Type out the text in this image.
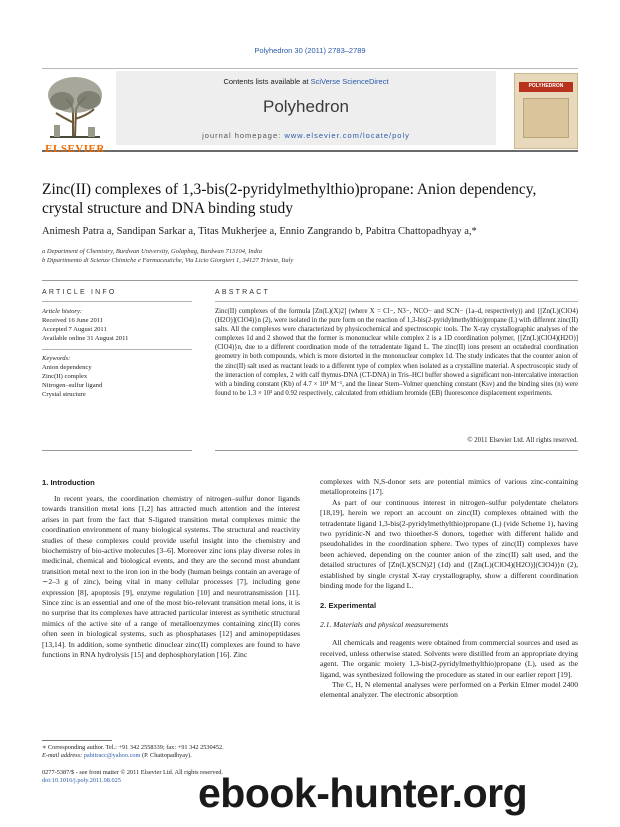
Polyhedron 30 (2011) 2783–2789
ELSEVIER
Contents lists available at SciVerse ScienceDirect
Polyhedron
journal homepage: www.elsevier.com/locate/poly
POLYHEDRON
Zinc(II) complexes of 1,3-bis(2-pyridylmethylthio)propane: Anion dependency,
crystal structure and DNA binding study
Animesh Patra a, Sandipan Sarkar a, Titas Mukherjee a, Ennio Zangrando b, Pabitra Chattopadhyay a,*
a Department of Chemistry, Burdwan University, Golapbag, Burdwan 713104, India
b Dipartimento di Scienze Chimiche e Farmaceutiche, Via Licio Giorgieri 1, 34127 Trieste, Italy
ARTICLE INFO	ABSTRACT
Article history:
Received 16 June 2011
Accepted 7 August 2011
Available online 31 August 2011
Keywords:
Anion dependency
Zinc(II) complex
Nitrogen–sulfur ligand
Crystal structure
Zinc(II) complexes of the formula [Zn(L)(X)2] (where X = Cl−, N3−, NCO− and SCN− (1a–d, respectively)) and {[Zn(L)(ClO4)(H2O)](ClO4)}n (2), were isolated in the pure form on the reaction of 1,3-bis(2-pyridylmethylthio)propane (L) with different zinc(II) salts. All the complexes were characterized by physicochemical and spectroscopic tools. The X-ray crystallographic analyses of the complexes 1d and 2 showed that the former is mononuclear while complex 2 is a 1D coordination polymer, {[Zn(L)(ClO4)(H2O)](ClO4)}n, due to a different coordination mode of the tetradentate ligand L. The zinc(II) ions present an octahedral coordination geometry in both compounds, which is more distorted in the mononuclear complex 1d. The study indicates that the counter anion of the zinc(II) salt used as reactant leads to a different type of complex when isolated as a crystalline material. A spectroscopic study of the interaction of complex, 2 with calf thymus-DNA (CT-DNA) in Tris–HCl buffer showed a significant non-intercalative interaction with a binding constant (Kb) of 4.7 × 10⁴ M⁻¹, and the linear Stern–Volmer quenching constant (Ksv) and the binding sites (n) were found to be 1.3 × 10³ and 0.92 respectively, calculated from ethidium bromide (EB) fluorescence displacement experiments.
© 2011 Elsevier Ltd. All rights reserved.
1. Introduction

In recent years, the coordination chemistry of nitrogen–sulfur donor ligands towards transition metal ions [1,2] has attracted much attention and the interest arises in part from the fact that S-ligated transition metal complexes mimic the coordination environment of many biological systems. The structural and reactivity studies of these complexes could provide useful insight into the chemistry and biochemistry of bio-active molecules [3–6]. Moreover zinc ions play diverse roles in medicinal, chemical and biological events, and they are the second most abundant transition metal next to the iron ion in the body (human beings contain an average of ∼2–3 g of zinc), being vital in many cellular processes [7], including gene expression [8], apoptosis [9], enzyme regulation [10] and neurotransmission [11]. Since zinc is an essential and one of the most bio-relevant transition metal ions, it is no surprise that its complexes have attracted particular interest as synthetic structural mimics of the active site of a range of metalloenzymes containing zinc(II) cores often seen in biological systems, such as phosphatases [12] and aminopeptidases [13,14]. In addition, some synthetic dinuclear zinc(II) complexes are found to have functions in RNA hydrolysis [15] and dephosphorylation [16]. Zinc

complexes with N,S-donor sets are potential mimics of various zinc-containing metalloproteins [17].

As part of our continuous interest in nitrogen–sulfur polydentate chelators [18,19], herein we report an account on zinc(II) complexes obtained with the tetradentate ligand 1,3-bis(2-pyridylmethylthio)propane (L) (vide Scheme 1), having two pyridinic-N and two thioether-S donors, together with different halide and pseudohalides in the coordination sphere. Two types of zinc(II) complexes have been achieved, depending on the counter anion of the zinc(II) salt used, and the detailed structures of [Zn(L)(SCN)2] (1d) and {[Zn(L)(ClO4)(H2O)](ClO4)}n (2), established by single crystal X-ray crystallography, show a different coordination binding mode for the ligand L.

2. Experimental
2.1. Materials and physical measurements

All chemicals and reagents were obtained from commercial sources and used as received, unless otherwise stated. Solvents were distilled from an appropriate drying agent. The organic moiety 1,3-bis(2-pyridylmethylthio)propane (L), used as the ligand, was synthesized following the procedure as stated in our earlier report [19].

The C, H, N elemental analyses were performed on a Perkin Elmer model 2400 elemental analyzer. The electronic absorption

∗ Corresponding author. Tel.: +91 342 2558339; fax: +91 342 2530452.
E-mail address: pabitracc@yahoo.com (P. Chattopadhyay).
0277-5387/$ - see front matter © 2011 Elsevier Ltd. All rights reserved.
doi:10.1016/j.poly.2011.08.025	ebook-hunter.org
